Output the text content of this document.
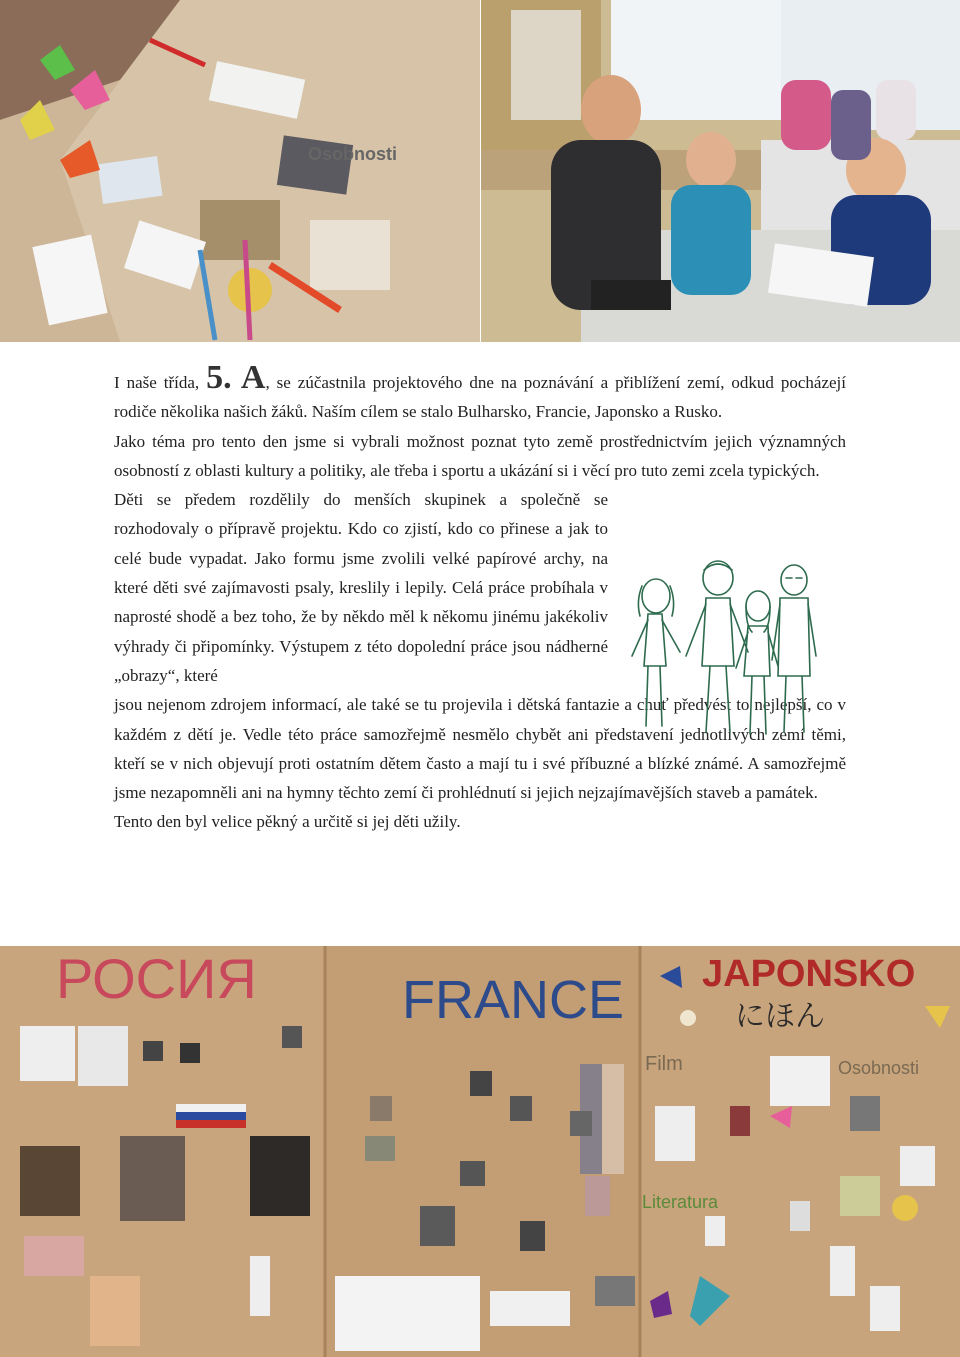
Osobnosti

I naše třída, 5. A, se zúčastnila projektového dne na poznávání a přiblížení zemí, odkud pocházejí rodiče několika našich žáků. Naším cílem se stalo Bulharsko, Francie, Japonsko a Rusko.

Jako téma pro tento den jsme si vybrali možnost poznat tyto země prostřednictvím jejich významných osobností z oblasti kultury a politiky, ale třeba i sportu a ukázání si i věcí pro tuto zemi zcela typických.

Děti se předem rozdělily do menších skupinek a společně se rozhodovaly o přípravě projektu. Kdo co zjistí, kdo co přinese a jak to celé bude vypadat. Jako formu jsme zvolili velké papírové archy, na které děti své zajímavosti psaly, kreslily i lepily. Celá práce probíhala v naprosté shodě a bez toho, že by někdo měl k někomu jinému jakékoliv výhrady či připomínky. Výstupem z této dopolední práce jsou nádherné „obrazy“, které

jsou nejenom zdrojem informací, ale také se tu projevila i dětská fantazie a chuť předvést to nejlepší, co v každém z dětí je. Vedle této práce samozřejmě nesmělo chybět ani představení jednotlivých zemí těmi, kteří se v nich objevují proti ostatním dětem často a mají tu i své příbuzné a blízké známé. A samozřejmě jsme nezapomněli ani na hymny těchto zemí či prohlédnutí si jejich nejzajímavějších staveb a památek.

Tento den byl velice pěkný a určitě si jej děti užily.

РОСИЯ	FRANCE JAPONSKO
にほん
Film	Osobnosti
Literatura
